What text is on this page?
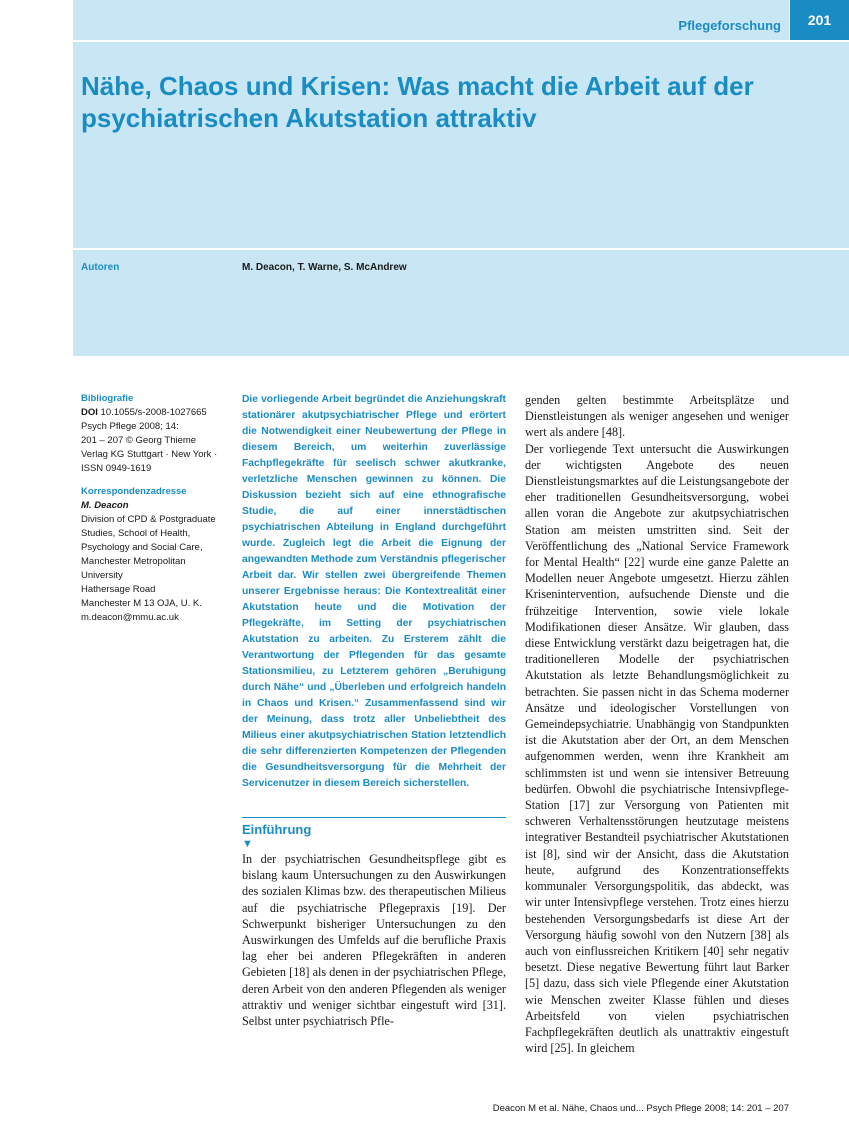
Pflegeforschung	201
Nähe, Chaos und Krisen: Was macht die Arbeit auf der psychiatrischen Akutstation attraktiv
Autoren	M. Deacon, T. Warne, S. McAndrew

Bibliografie

DOI 10.1055/s-2008-1027665

Psych Pflege 2008; 14:

201 – 207 © Georg Thieme

Verlag KG Stuttgart · New York ·

ISSN 0949-1619

Korrespondenzadresse

M. Deacon

Division of CPD & Postgraduate

Studies, School of Health,

Psychology and Social Care,

Manchester Metropolitan

University

Hathersage Road

Manchester M 13 OJA, U. K.

m.deacon@mmu.ac.uk

Die vorliegende Arbeit begründet die Anziehungskraft stationärer akutpsychiatrischer Pflege und erörtert die Notwendigkeit einer Neubewertung der Pflege in diesem Bereich, um weiterhin zuverlässige Fachpflegekräfte für seelisch schwer akutkranke, verletzliche Menschen gewinnen zu können. Die Diskussion bezieht sich auf eine ethnografische Studie, die auf einer innerstädtischen psychiatrischen Abteilung in England durchgeführt wurde. Zugleich legt die Arbeit die Eignung der angewandten Methode zum Verständnis pflegerischer Arbeit dar. Wir stellen zwei übergreifende Themen unserer Ergebnisse heraus: Die Kontextrealität einer Akutstation heute und die Motivation der Pflegekräfte, im Setting der psychiatrischen Akutstation zu arbeiten. Zu Ersterem zählt die Verantwortung der Pflegenden für das gesamte Stationsmilieu, zu Letzterem gehören „Beruhigung durch Nähe“ und „Überleben und erfolgreich handeln in Chaos und Krisen.“ Zusammenfassend sind wir der Meinung, dass trotz aller Unbeliebtheit des Milieus einer akutpsychiatrischen Station letztendlich die sehr differenzierten Kompetenzen der Pflegenden die Gesundheitsversorgung für die Mehrheit der Servicenutzer in diesem Bereich sicherstellen.

Einführung

▼

In der psychiatrischen Gesundheitspflege gibt es bislang kaum Untersuchungen zu den Auswirkungen des sozialen Klimas bzw. des therapeutischen Milieus auf die psychiatrische Pflegepraxis [19]. Der Schwerpunkt bisheriger Untersuchungen zu den Auswirkungen des Umfelds auf die berufliche Praxis lag eher bei anderen Pflegekräften in anderen Gebieten [18] als denen in der psychiatrischen Pflege, deren Arbeit von den anderen Pflegenden als weniger attraktiv und weniger sichtbar eingestuft wird [31]. Selbst unter psychiatrisch Pfle-

genden gelten bestimmte Arbeitsplätze und Dienstleistungen als weniger angesehen und weniger wert als andere [48].

Der vorliegende Text untersucht die Auswirkungen der wichtigsten Angebote des neuen Dienstleistungsmarktes auf die Leistungsangebote der eher traditionellen Gesundheitsversorgung, wobei allen voran die Angebote zur akutpsychiatrischen Station am meisten umstritten sind. Seit der Veröffentlichung des „National Service Framework for Mental Health“ [22] wurde eine ganze Palette an Modellen neuer Angebote umgesetzt. Hierzu zählen Krisenintervention, aufsuchende Dienste und die frühzeitige Intervention, sowie viele lokale Modifikationen dieser Ansätze. Wir glauben, dass diese Entwicklung verstärkt dazu beigetragen hat, die traditionelleren Modelle der psychiatrischen Akutstation als letzte Behandlungsmöglichkeit zu betrachten. Sie passen nicht in das Schema moderner Ansätze und ideologischer Vorstellungen von Gemeindepsychiatrie. Unabhängig von Standpunkten ist die Akutstation aber der Ort, an dem Menschen aufgenommen werden, wenn ihre Krankheit am schlimmsten ist und wenn sie intensiver Betreuung bedürfen. Obwohl die psychiatrische Intensivpflege-Station [17] zur Versorgung von Patienten mit schweren Verhaltensstörungen heutzutage meistens integrativer Bestandteil psychiatrischer Akutstationen ist [8], sind wir der Ansicht, dass die Akutstation heute, aufgrund des Konzentrationseffekts kommunaler Versorgungspolitik, das abdeckt, was wir unter Intensivpflege verstehen. Trotz eines hierzu bestehenden Versorgungsbedarfs ist diese Art der Versorgung häufig sowohl von den Nutzern [38] als auch von einflussreichen Kritikern [40] sehr negativ besetzt. Diese negative Bewertung führt laut Barker [5] dazu, dass sich viele Pflegende einer Akutstation wie Menschen zweiter Klasse fühlen und dieses Arbeitsfeld von vielen psychiatrischen Fachpflegekräften deutlich als unattraktiv eingestuft wird [25]. In gleichem

Deacon M et al. Nähe, Chaos und... Psych Pflege 2008; 14: 201 – 207
